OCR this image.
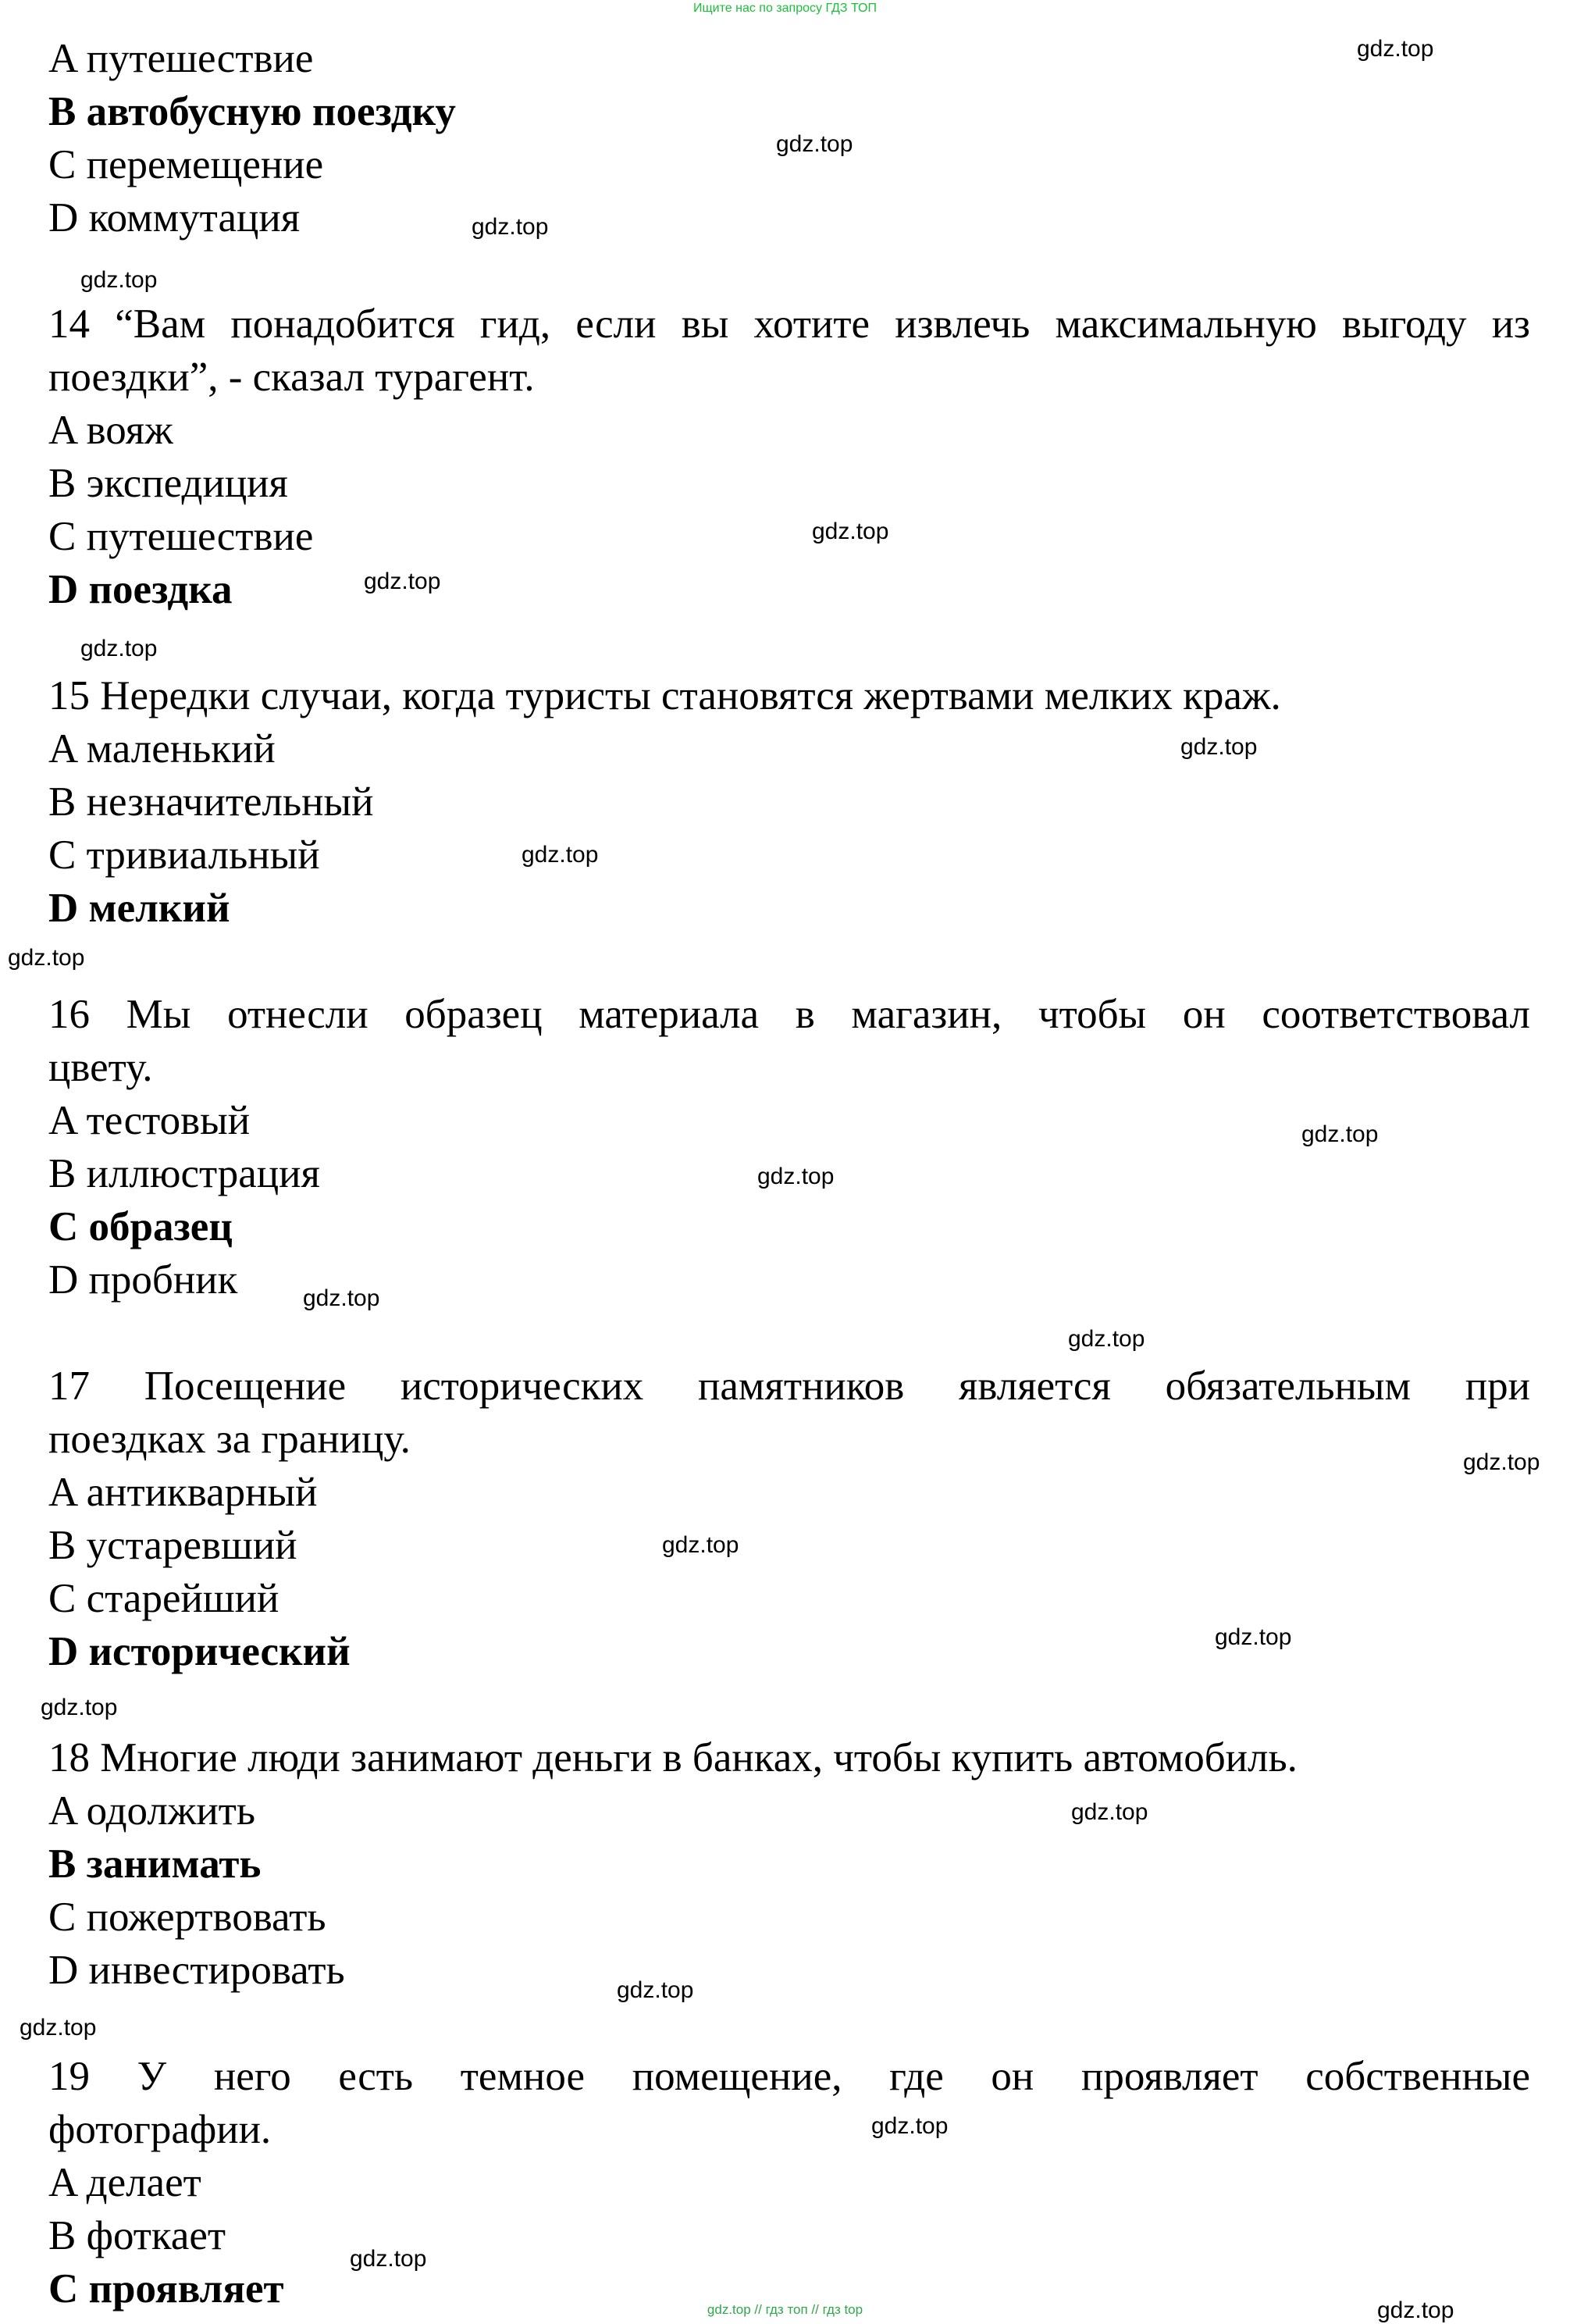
Ищите нас по запросу ГДЗ ТОП
A путешествие
B автобусную поездку
C перемещение
D коммутация
14 “Вам понадобится гид, если вы хотите извлечь максимальную выгоду из
поездки”, - сказал турагент.
A вояж
B экспедиция
C путешествие
D поездка
15 Нередки случаи, когда туристы становятся жертвами мелких краж.
A маленький
B незначительный
C тривиальный
D мелкий
16 Мы отнесли образец материала в магазин, чтобы он соответствовал
цвету.
A тестовый
B иллюстрация
C образец
D пробник
17 Посещение исторических памятников является обязательным при
поездках за границу.
A антикварный
B устаревший
C старейший
D исторический
18 Многие люди занимают деньги в банках, чтобы купить автомобиль.
A одолжить
B занимать
C пожертвовать
D инвестировать
19 У него есть темное помещение, где он проявляет собственные
фотографии.
A делает
B фоткает
C проявляет
gdz.top
gdz.top
gdz.top
gdz.top
gdz.top
gdz.top
gdz.top
gdz.top
gdz.top
gdz.top
gdz.top
gdz.top
gdz.top
gdz.top
gdz.top
gdz.top
gdz.top
gdz.top
gdz.top
gdz.top
gdz.top
gdz.top
gdz.top
gdz.top
gdz.top // гдз топ // гдз top
